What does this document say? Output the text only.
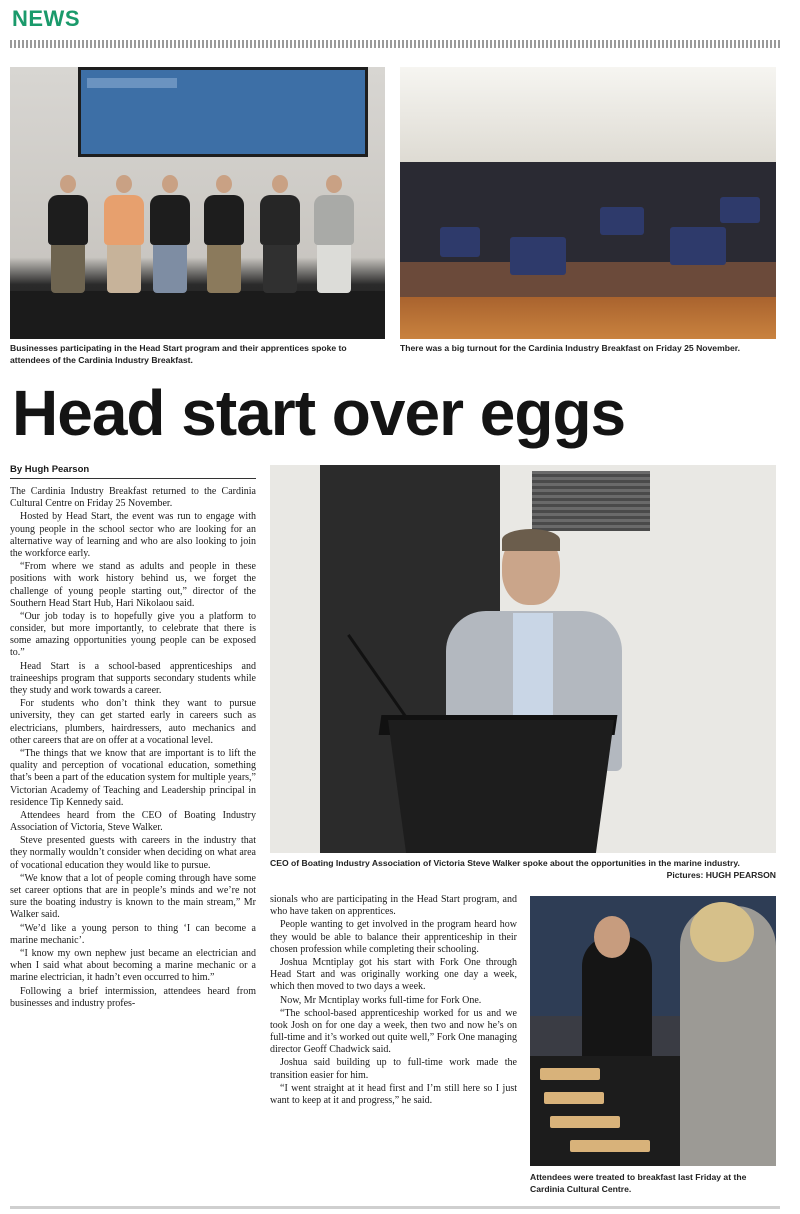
NEWS
Businesses participating in the Head Start program and their apprentices spoke to attendees of the Cardinia Industry Breakfast.
There was a big turnout for the Cardinia Industry Breakfast on Friday 25 November.
Head start over eggs
By Hugh Pearson

The Cardinia Industry Breakfast returned to the Cardinia Cultural Centre on Friday 25 November.

Hosted by Head Start, the event was run to engage with young people in the school sector who are looking for an alternative way of learning and who are also looking to join the workforce early.

“From where we stand as adults and people in these positions with work history behind us, we forget the challenge of young people starting out,” director of the Southern Head Start Hub, Hari Nikolaou said.

“Our job today is to hopefully give you a platform to consider, but more importantly, to celebrate that there is some amazing opportunities young people can be exposed to.”

Head Start is a school-based apprenticeships and traineeships program that supports secondary students while they study and work towards a career.

For students who don’t think they want to pursue university, they can get started early in careers such as electricians, plumbers, hairdressers, auto mechanics and other careers that are on offer at a vocational level.

“The things that we know that are important is to lift the quality and perception of vocational education, something that’s been a part of the education system for multiple years,” Victorian Academy of Teaching and Leadership principal in residence Tip Kennedy said.

Attendees heard from the CEO of Boating Industry Association of Victoria, Steve Walker.

Steve presented guests with careers in the industry that they normally wouldn’t consider when deciding on what area of vocational education they would like to pursue.

“We know that a lot of people coming through have some set career options that are in people’s minds and we’re not sure the boating industry is known to the main stream,” Mr Walker said.

“We’d like a young person to thing ‘I can become a marine mechanic’.

“I know my own nephew just became an electrician and when I said what about becoming a marine mechanic or a marine electrician, it hadn’t even occurred to him.”

Following a brief intermission, attendees heard from businesses and industry profes-

CEO of Boating Industry Association of Victoria Steve Walker spoke about the opportunities in the marine industry.
Pictures: HUGH PEARSON

sionals who are participating in the Head Start program, and who have taken on apprentices.

People wanting to get involved in the program heard how they would be able to balance their apprenticeship in their chosen profession while completing their schooling.

Joshua Mcntiplay got his start with Fork One through Head Start and was originally working one day a week, which then moved to two days a week.

Now, Mr Mcntiplay works full-time for Fork One.

“The school-based apprenticeship worked for us and we took Josh on for one day a week, then two and now he’s on full-time and it’s worked out quite well,” Fork One managing director Geoff Chadwick said.

Joshua said building up to full-time work made the transition easier for him.

“I went straight at it head first and I’m still here so I just want to keep at it and progress,” he said.

Attendees were treated to breakfast last Friday at the Cardinia Cultural Centre.
